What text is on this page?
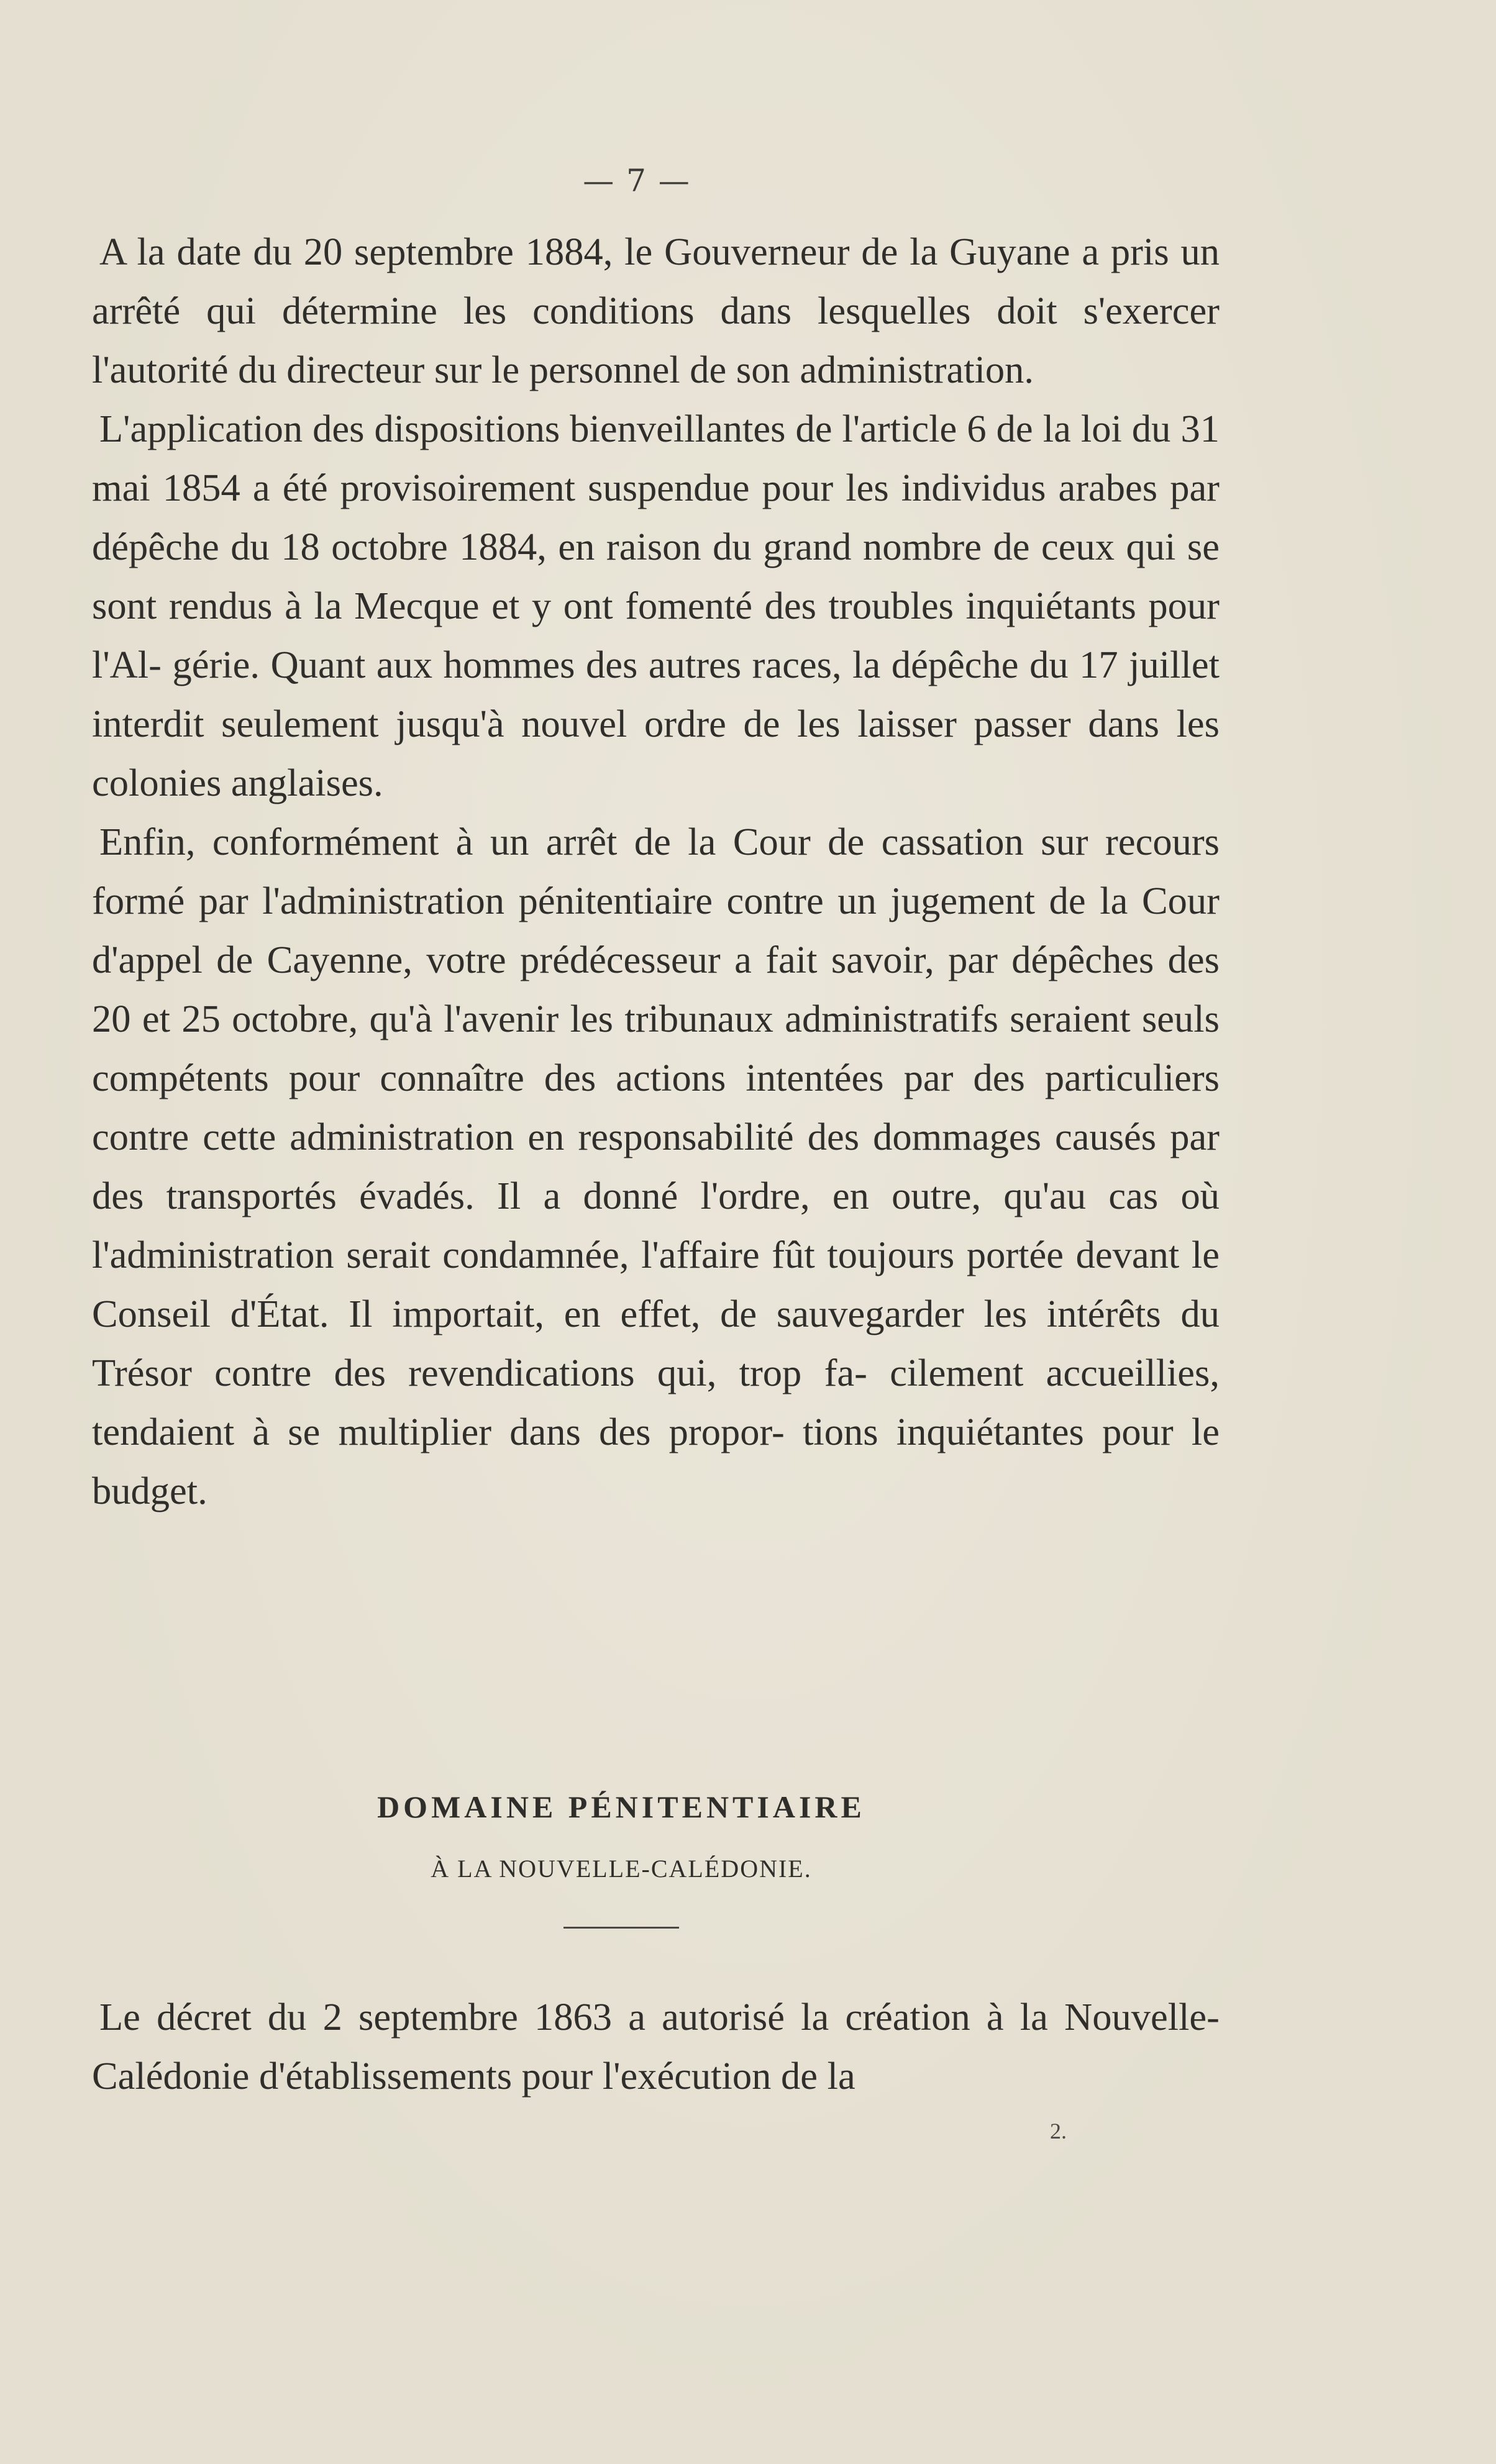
— 7 —

A la date du 20 septembre 1884, le Gouverneur de la Guyane a pris un arrêté qui détermine les conditions dans lesquelles doit s'exercer l'autorité du directeur sur le personnel de son administration.

L'application des dispositions bienveillantes de l'article 6 de la loi du 31 mai 1854 a été provisoirement suspendue pour les individus arabes par dépêche du 18 octobre 1884, en raison du grand nombre de ceux qui se sont rendus à la Mecque et y ont fomenté des troubles inquiétants pour l'Al- gérie. Quant aux hommes des autres races, la dépêche du 17 juillet interdit seulement jusqu'à nouvel ordre de les laisser passer dans les colonies anglaises.

Enfin, conformément à un arrêt de la Cour de cassation sur recours formé par l'administration pénitentiaire contre un jugement de la Cour d'appel de Cayenne, votre prédécesseur a fait savoir, par dépêches des 20 et 25 octobre, qu'à l'avenir les tribunaux administratifs seraient seuls compétents pour connaître des actions intentées par des particuliers contre cette administration en responsabilité des dommages causés par des transportés évadés. Il a donné l'ordre, en outre, qu'au cas où l'administration serait condamnée, l'affaire fût toujours portée devant le Conseil d'État. Il importait, en effet, de sauvegarder les intérêts du Trésor contre des revendications qui, trop fa- cilement accueillies, tendaient à se multiplier dans des propor- tions inquiétantes pour le budget.

DOMAINE PÉNITENTIAIRE
À LA NOUVELLE-CALÉDONIE.

Le décret du 2 septembre 1863 a autorisé la création à la Nouvelle-Calédonie d'établissements pour l'exécution de la

2.
